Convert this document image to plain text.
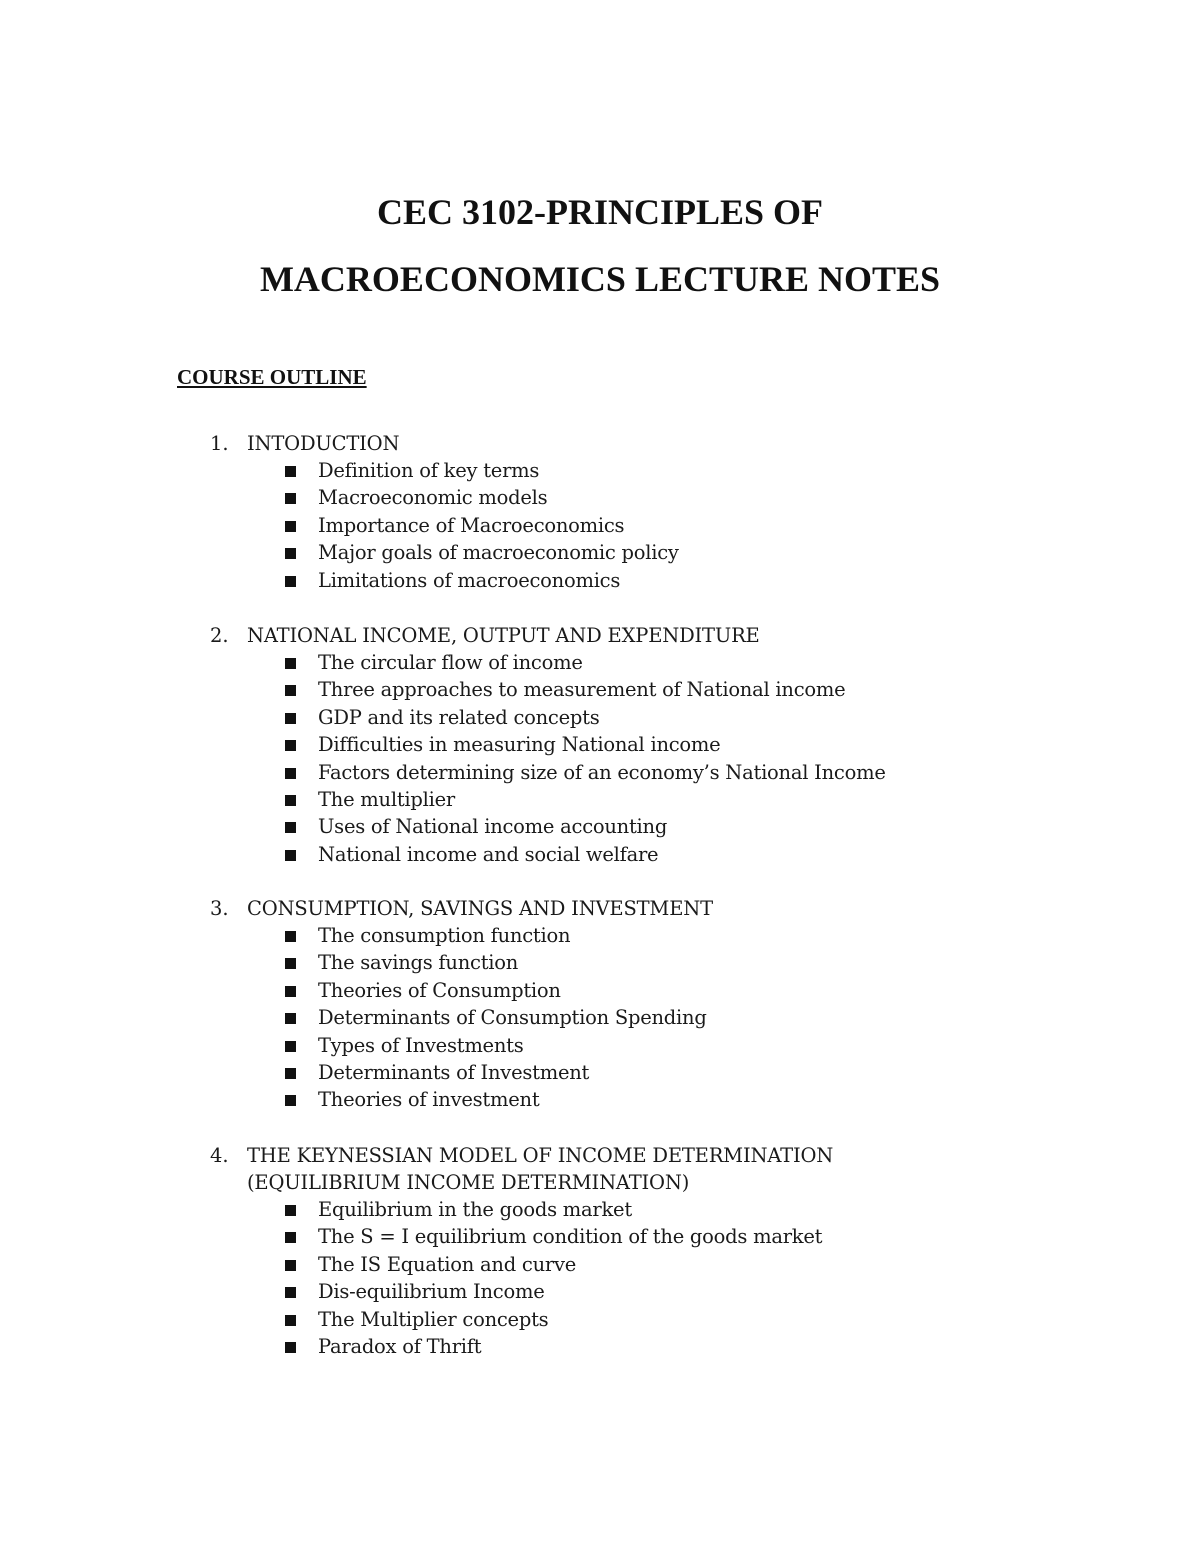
CEC 3102-PRINCIPLES OF
MACROECONOMICS LECTURE NOTES
COURSE OUTLINE
1. INTODUCTION
Definition of key terms
Macroeconomic models
Importance of Macroeconomics
Major goals of macroeconomic policy
Limitations of macroeconomics
2. NATIONAL INCOME, OUTPUT AND EXPENDITURE
The circular flow of income
Three approaches to measurement of National income
GDP and its related concepts
Difficulties in measuring National income
Factors determining size of an economy’s National Income
The multiplier
Uses of National income accounting
National income and social welfare
3. CONSUMPTION, SAVINGS AND INVESTMENT
The consumption function
The savings function
Theories of Consumption
Determinants of Consumption Spending
Types of Investments
Determinants of Investment
Theories of investment
4. THE KEYNESSIAN MODEL OF INCOME DETERMINATION
(EQUILIBRIUM INCOME DETERMINATION)
Equilibrium in the goods market
The S = I equilibrium condition of the goods market
The IS Equation and curve
Dis-equilibrium Income
The Multiplier concepts
Paradox of Thrift
